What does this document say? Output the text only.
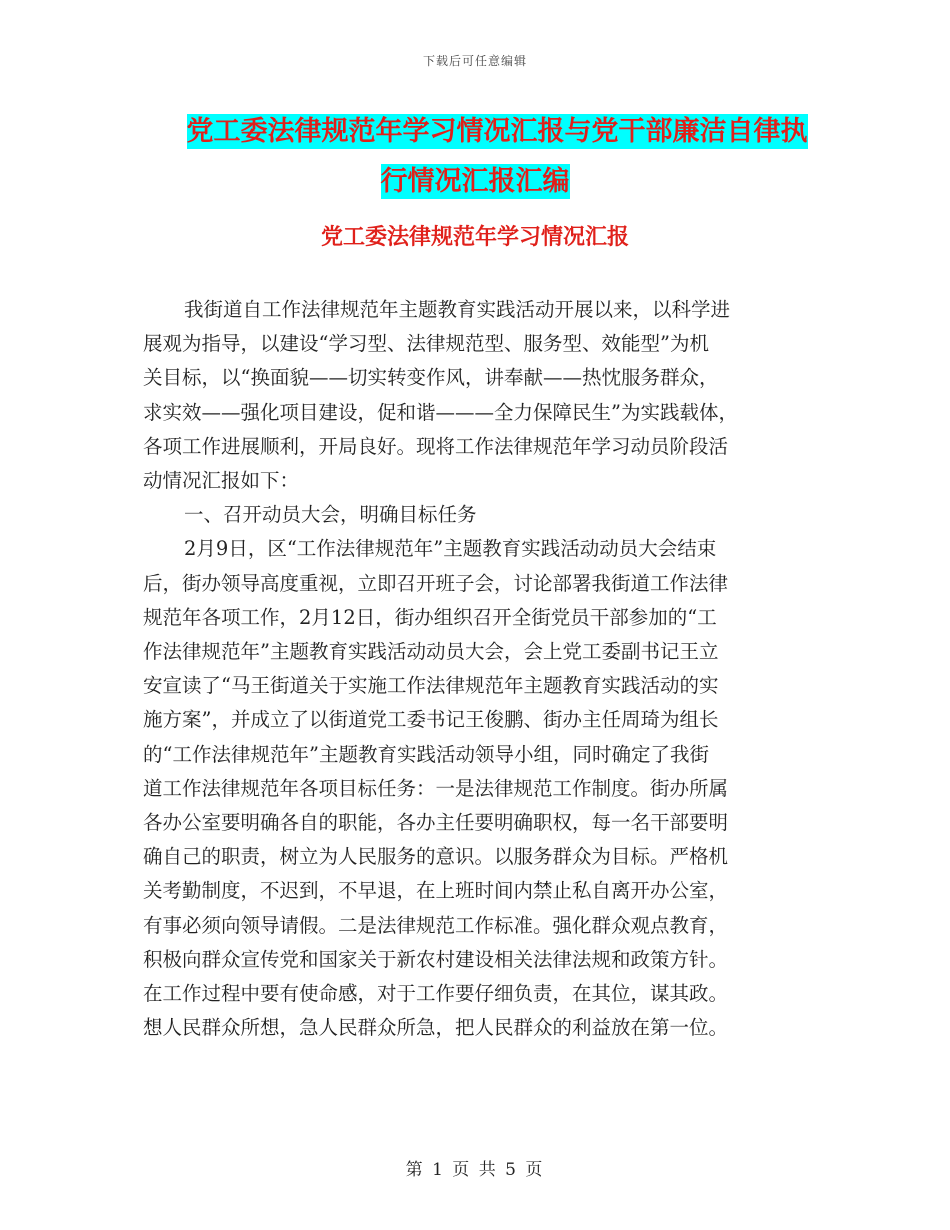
下载后可任意编辑
党工委法律规范年学习情况汇报与党干部廉洁自律执
行情况汇报汇编
党工委法律规范年学习情况汇报
我街道自工作法律规范年主题教育实践活动开展以来，以科学进
展观为指导，以建设“学习型、法律规范型、服务型、效能型”为机
关目标，以“换面貌——切实转变作风，讲奉献——热忱服务群众，
求实效——强化项目建设，促和谐———全力保障民生”为实践载体，
各项工作进展顺利，开局良好。现将工作法律规范年学习动员阶段活
动情况汇报如下：
一、召开动员大会，明确目标任务
2月9日，区“工作法律规范年”主题教育实践活动动员大会结束
后，街办领导高度重视，立即召开班子会，讨论部署我街道工作法律
规范年各项工作，2月12日，街办组织召开全街党员干部参加的“工
作法律规范年”主题教育实践活动动员大会，会上党工委副书记王立
安宣读了“马王街道关于实施工作法律规范年主题教育实践活动的实
施方案”，并成立了以街道党工委书记王俊鹏、街办主任周琦为组长
的“工作法律规范年”主题教育实践活动领导小组，同时确定了我街
道工作法律规范年各项目标任务：一是法律规范工作制度。街办所属
各办公室要明确各自的职能，各办主任要明确职权，每一名干部要明
确自己的职责，树立为人民服务的意识。以服务群众为目标。严格机
关考勤制度，不迟到，不早退，在上班时间内禁止私自离开办公室，
有事必须向领导请假。二是法律规范工作标准。强化群众观点教育，
积极向群众宣传党和国家关于新农村建设相关法律法规和政策方针。
在工作过程中要有使命感，对于工作要仔细负责，在其位，谋其政。
想人民群众所想，急人民群众所急，把人民群众的利益放在第一位。
第 1 页 共 5 页
